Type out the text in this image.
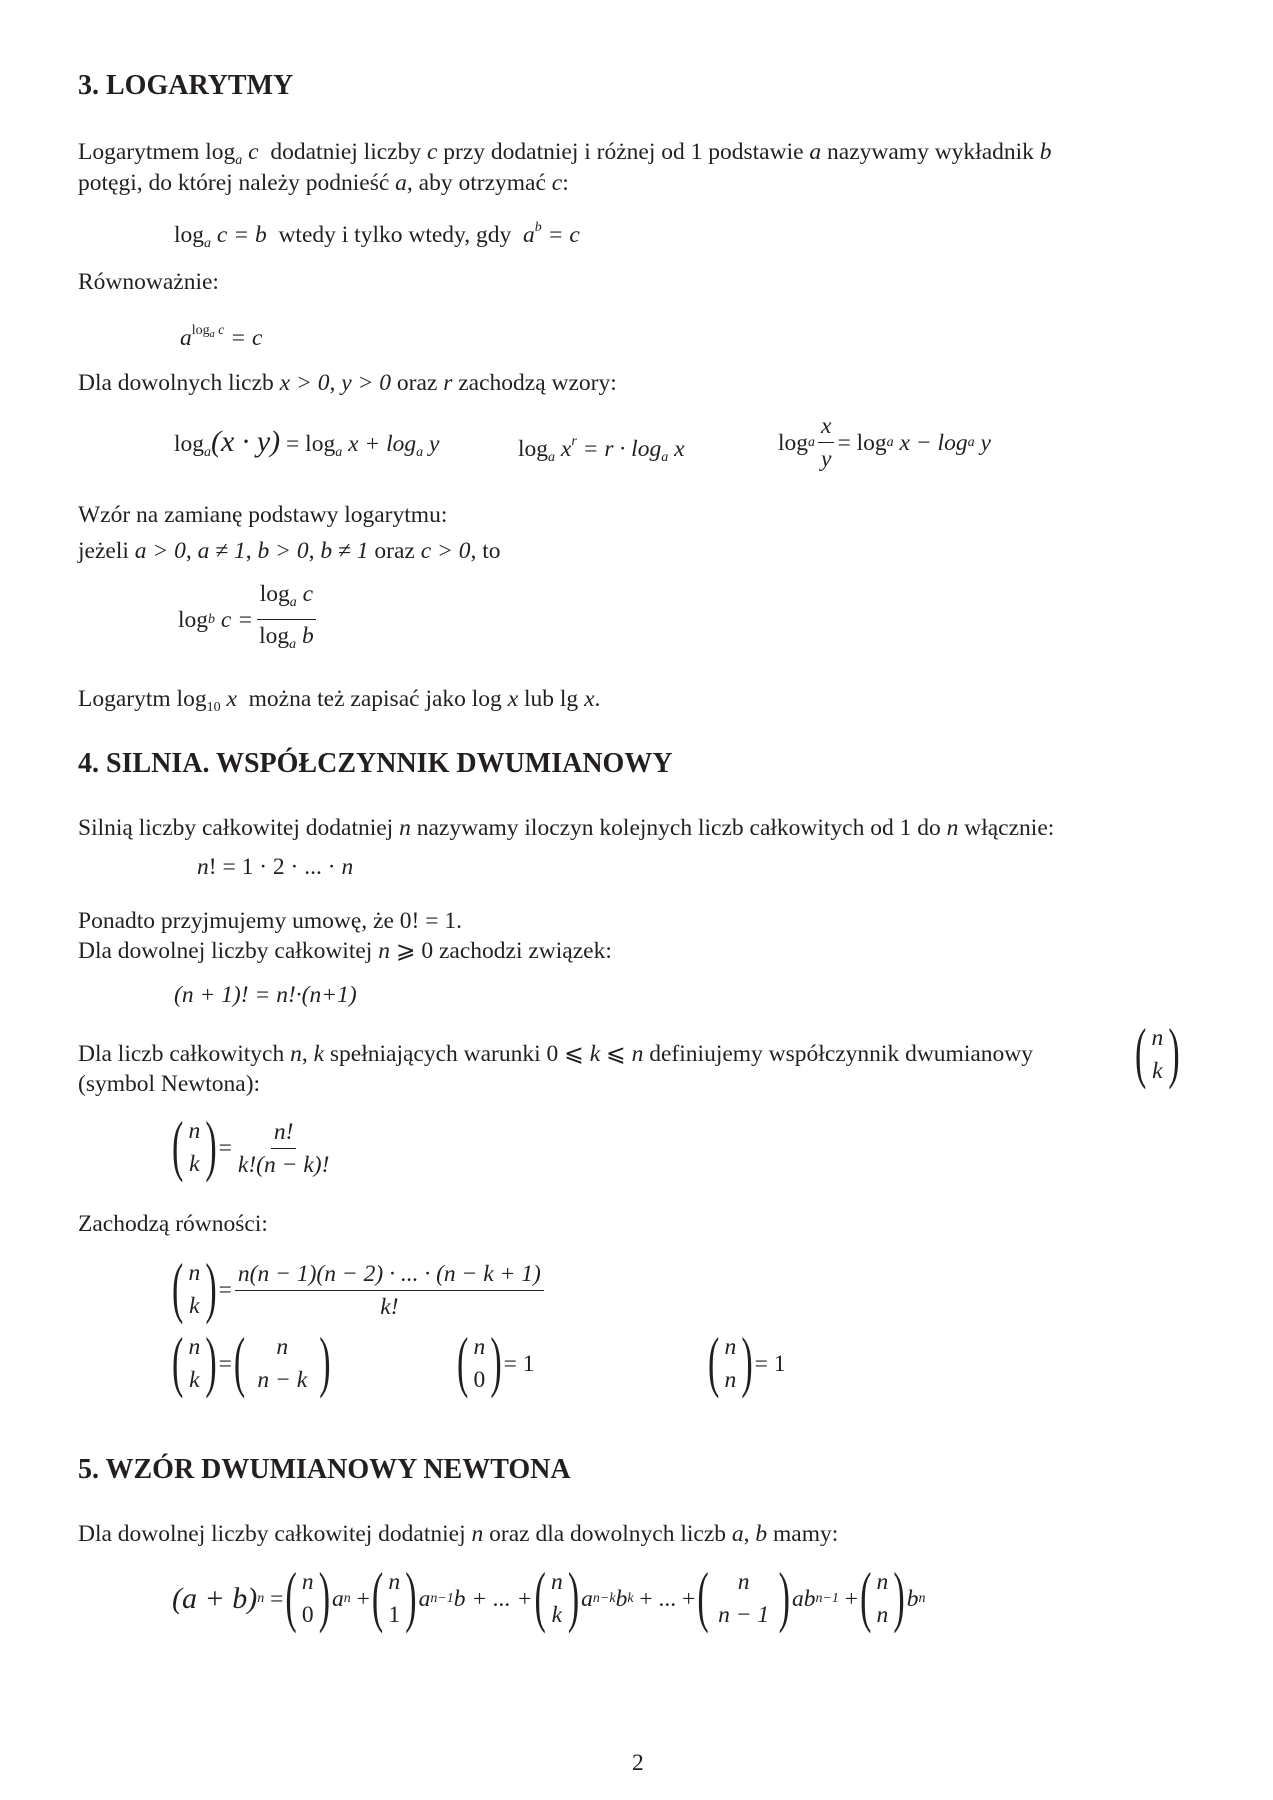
3. LOGARYTMY
Logarytmem $\log_a c$ dodatniej liczby c przy dodatniej i różnej od 1 podstawie a nazywamy wykładnik b
potęgi, do której należy podnieść a, aby otrzymać c:
$\log_a c = b$ wtedy i tylko wtedy, gdy $a^b = c$
Równoważnie:
$a^{log_a c} = c$
Dla dowolnych liczb x > 0, y > 0 oraz r zachodzą wzory:
$\log_a(x \cdot y) = \log_a x + \log_a y$	$\log_a x^r = r \cdot \log_a x$	log a $\frac{x}{y} = \log a$
x − log a
y
Wzór na zamianę podstawy logarytmu:
jeżeli a > 0, a ≠ 1, b > 0, b ≠ 1 oraz c > 0, to
log b
$c = \frac{\log_a c}{\log_a b}$
Logarytm $\log_{10} x$ można też zapisać jako log x lub lg x.
4. SILNIA. WSPÓŁCZYNNIK DWUMIANOWY
Silnią liczby całkowitej dodatniej n nazywamy iloczyn kolejnych liczb całkowitych od 1 do n włącznie:
n! = 1 · 2 · ... · n
Ponadto przyjmujemy umowę, że 0! = 1.
Dla dowolnej liczby całkowitej n ⩾ 0 zachodzi związek:
(n + 1)! = n!·(n+1)
Dla liczb całkowitych n, k spełniających warunki 0 ⩽ k ⩽ n definiujemy współczynnik dwumianowy	( n
k )
(symbol Newtona):
( n
k ) = $\frac{n!}{k!(n - k)!}$
Zachodzą równości:
( n
k ) = $\frac{n(n - 1)(n - 2) \cdot ... \cdot (n - k + 1)}{k!}$
( n
k ) = ( n
n − k )	( n
0 ) = 1	( n
n ) = 1
5. WZÓR DWUMIANOWY NEWTONA
Dla dowolnej liczby całkowitej dodatniej n oraz dla dowolnych liczb a, b mamy:
(a + b) n
= ( n
0 ) a n
+ ( n
1 ) a n−1 b + ... + ( n
k ) a n−k b k
+ ... + ( n
n − 1 ) ab n−1
+ ( n
n ) b n
2
